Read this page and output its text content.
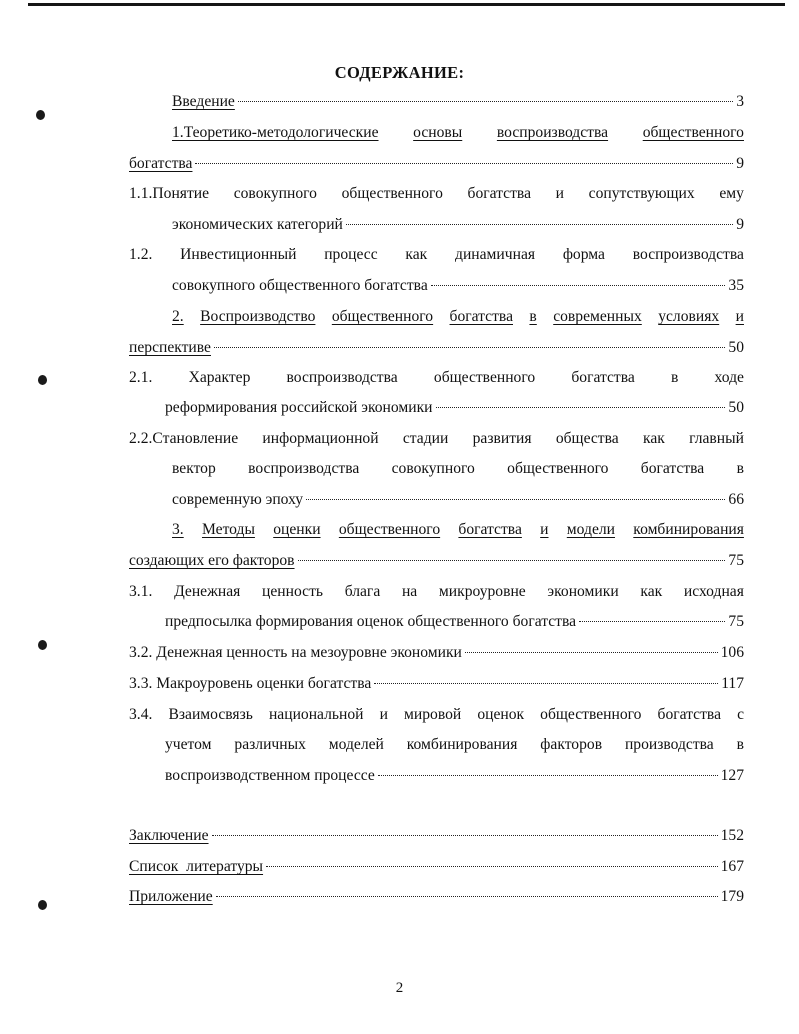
СОДЕРЖАНИЕ:
Введение	3
1.Теоретико-методологические основы воспроизводства общественного
богатства	9
1.1.Понятие совокупного общественного богатства и сопутствующих ему
экономических категорий	9
1.2. Инвестиционный процесс как динамичная форма воспроизводства
совокупного общественного богатства	35
2. Воспроизводство общественного богатства в современных условиях и
перспективе	50
2.1. Характер воспроизводства общественного богатства в ходе
реформирования российской экономики	50
2.2.Становление информационной стадии развития общества как главный
вектор воспроизводства совокупного общественного богатства в
современную эпоху	66
3. Методы оценки общественного богатства и модели комбинирования
создающих его факторов	75
3.1. Денежная ценность блага на микроуровне экономики как исходная
предпосылка формирования оценок общественного богатства	75
3.2. Денежная ценность на мезоуровне экономики	106
3.3. Макроуровень оценки богатства	117
3.4. Взаимосвязь национальной и мировой оценок общественного богатства с
учетом различных моделей комбинирования факторов производства в
воспроизводственном процессе	127
Заключение	152
Список  литературы	167
Приложение	179
2
